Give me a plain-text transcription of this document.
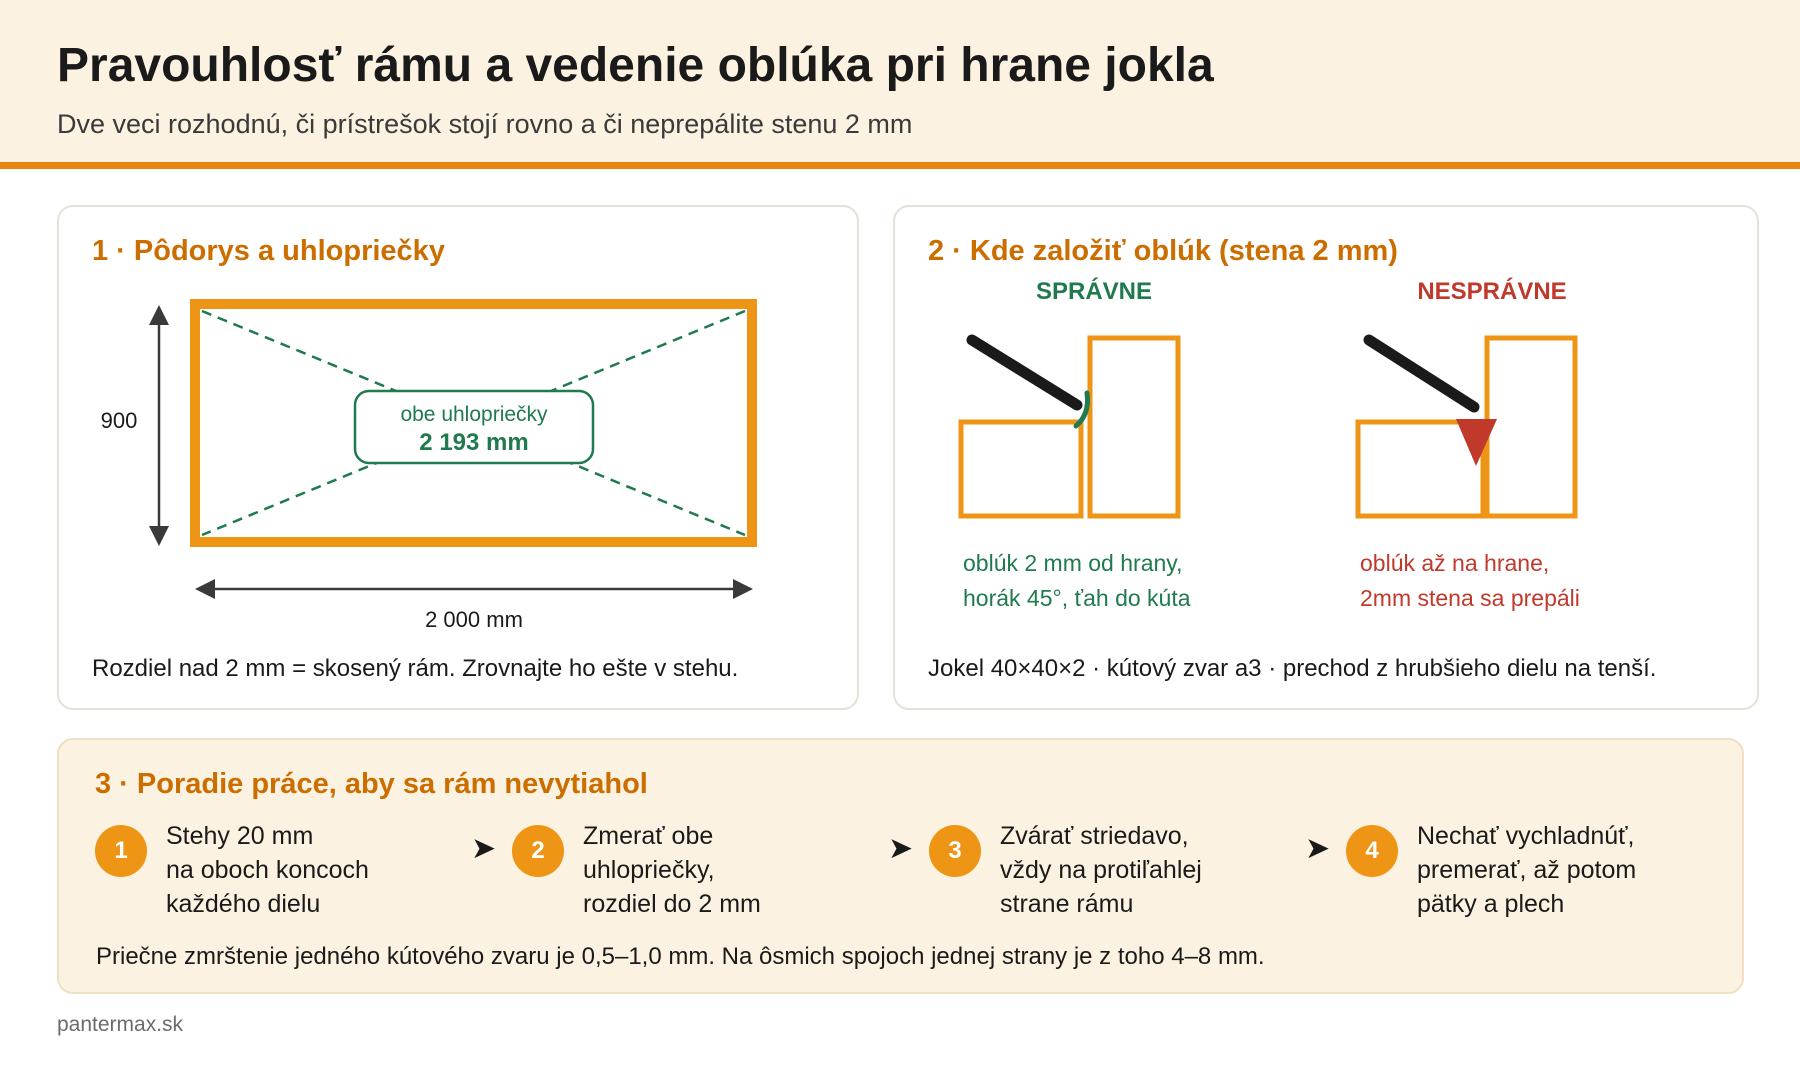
Pravouhlosť rámu a vedenie oblúka pri hrane jokla
Dve veci rozhodnú, či prístrešok stojí rovno a či neprepálite stenu 2 mm
1 · Pôdorys a uhlopriečky
900	obe uhlopriečky
2 193 mm
2 000 mm
Rozdiel nad 2 mm = skosený rám. Zrovnajte ho ešte v stehu.
2 · Kde založiť oblúk (stena 2 mm)
SPRÁVNE
oblúk 2 mm od hrany,
horák 45°, ťah do kúta
NESPRÁVNE
oblúk až na hrane,
2mm stena sa prepáli
Jokel 40×40×2 · kútový zvar a3 · prechod z hrubšieho dielu na tenší.
3 · Poradie práce, aby sa rám nevytiahol
1
Stehy 20 mm
na oboch koncoch
každého dielu
➤	2
Zmerať obe
uhlopriečky,
rozdiel do 2 mm
➤	3
Zvárať striedavo,
vždy na protiľahlej
strane rámu
➤	4
Nechať vychladnúť,
premerať, až potom
pätky a plech
Priečne zmrštenie jedného kútového zvaru je 0,5–1,0 mm. Na ôsmich spojoch jednej strany je z toho 4–8 mm.
pantermax.sk
